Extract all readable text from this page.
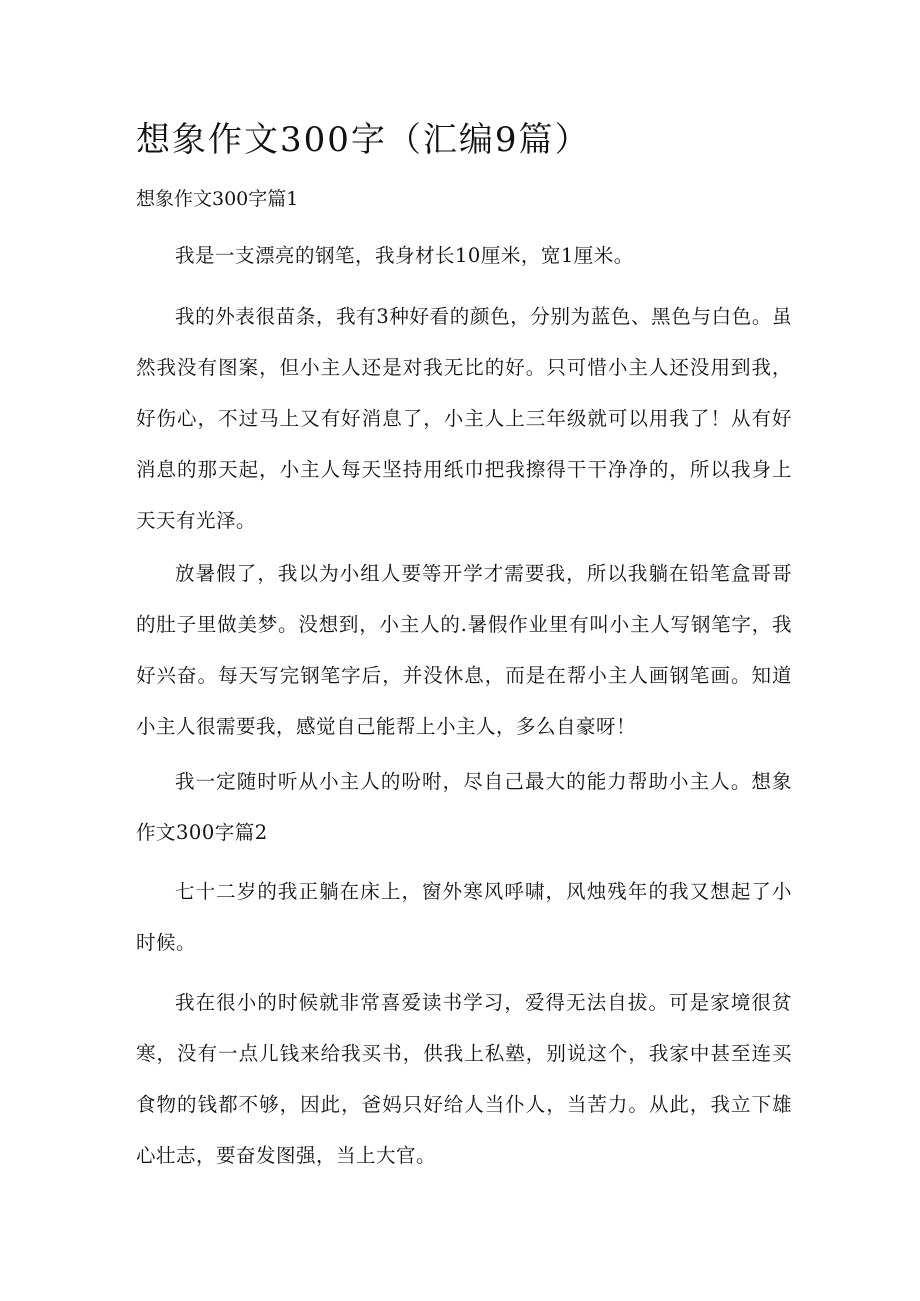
想象作文300字（汇编9篇）
想象作文300字篇1

我是一支漂亮的钢笔，我身材长10厘米，宽1厘米。

我的外表很苗条，我有3种好看的颜色，分别为蓝色、黑色与白色。虽然我没有图案，但小主人还是对我无比的好。只可惜小主人还没用到我，好伤心，不过马上又有好消息了，小主人上三年级就可以用我了！从有好消息的那天起，小主人每天坚持用纸巾把我擦得干干净净的，所以我身上天天有光泽。

放暑假了，我以为小组人要等开学才需要我，所以我躺在铅笔盒哥哥的肚子里做美梦。没想到，小主人的.暑假作业里有叫小主人写钢笔字，我好兴奋。每天写完钢笔字后，并没休息，而是在帮小主人画钢笔画。知道小主人很需要我，感觉自己能帮上小主人，多么自豪呀！

我一定随时听从小主人的吩咐，尽自己最大的能力帮助小主人。想象作文300字篇2

七十二岁的我正躺在床上，窗外寒风呼啸，风烛残年的我又想起了小时候。

我在很小的时候就非常喜爱读书学习，爱得无法自拔。可是家境很贫寒，没有一点儿钱来给我买书，供我上私塾，别说这个，我家中甚至连买食物的钱都不够，因此，爸妈只好给人当仆人，当苦力。从此，我立下雄心壮志，要奋发图强，当上大官。
